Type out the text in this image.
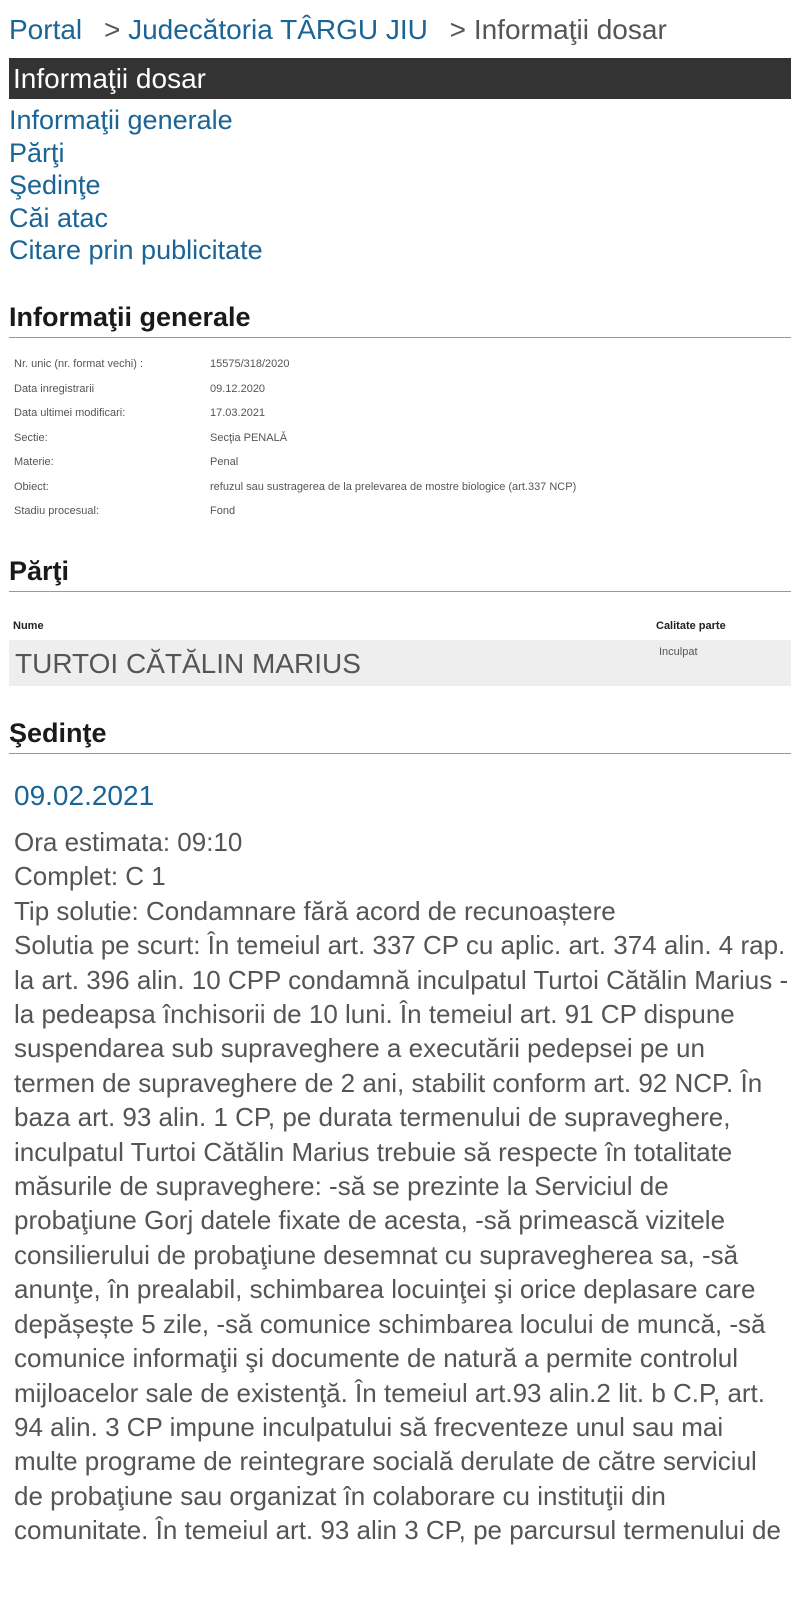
Portal > Judecătoria TÂRGU JIU > Informaţii dosar
Informaţii dosar
Informaţii generale
Părţi
Şedinţe
Căi atac
Citare prin publicitate
Informaţii generale
Nr. unic (nr. format vechi) :	15575/318/2020
Data inregistrarii	09.12.2020
Data ultimei modificari:	17.03.2021
Sectie:	Secţia PENALĂ
Materie:	Penal
Obiect:	refuzul sau sustragerea de la prelevarea de mostre biologice (art.337 NCP)
Stadiu procesual:	Fond
Părţi
Nume	Calitate parte
TURTOI CĂTĂLIN MARIUS	Inculpat
Şedinţe
09.02.2021
Ora estimata: 09:10
Complet: C 1
Tip solutie: Condamnare fără acord de recunoaștere
Solutia pe scurt: În temeiul art. 337 CP cu aplic. art. 374 alin. 4 rap. la art. 396 alin. 10 CPP condamnă inculpatul Turtoi Cătălin Marius - la pedeapsa închisorii de 10 luni. În temeiul art. 91 CP dispune suspendarea sub supraveghere a executării pedepsei pe un termen de supraveghere de 2 ani, stabilit conform art. 92 NCP. În baza art. 93 alin. 1 CP, pe durata termenului de supraveghere, inculpatul Turtoi Cătălin Marius trebuie să respecte în totalitate măsurile de supraveghere: -să se prezinte la Serviciul de probaţiune Gorj datele fixate de acesta, -să primească vizitele consilierului de probaţiune desemnat cu supravegherea sa, -să anunţe, în prealabil, schimbarea locuinţei şi orice deplasare care depășește 5 zile, -să comunice schimbarea locului de muncă, -să comunice informaţii şi documente de natură a permite controlul mijloacelor sale de existenţă. În temeiul art.93 alin.2 lit. b C.P, art. 94 alin. 3 CP impune inculpatului să frecventeze unul sau mai multe programe de reintegrare socială derulate de către serviciul de probaţiune sau organizat în colaborare cu instituţii din comunitate. În temeiul art. 93 alin 3 CP, pe parcursul termenului de
